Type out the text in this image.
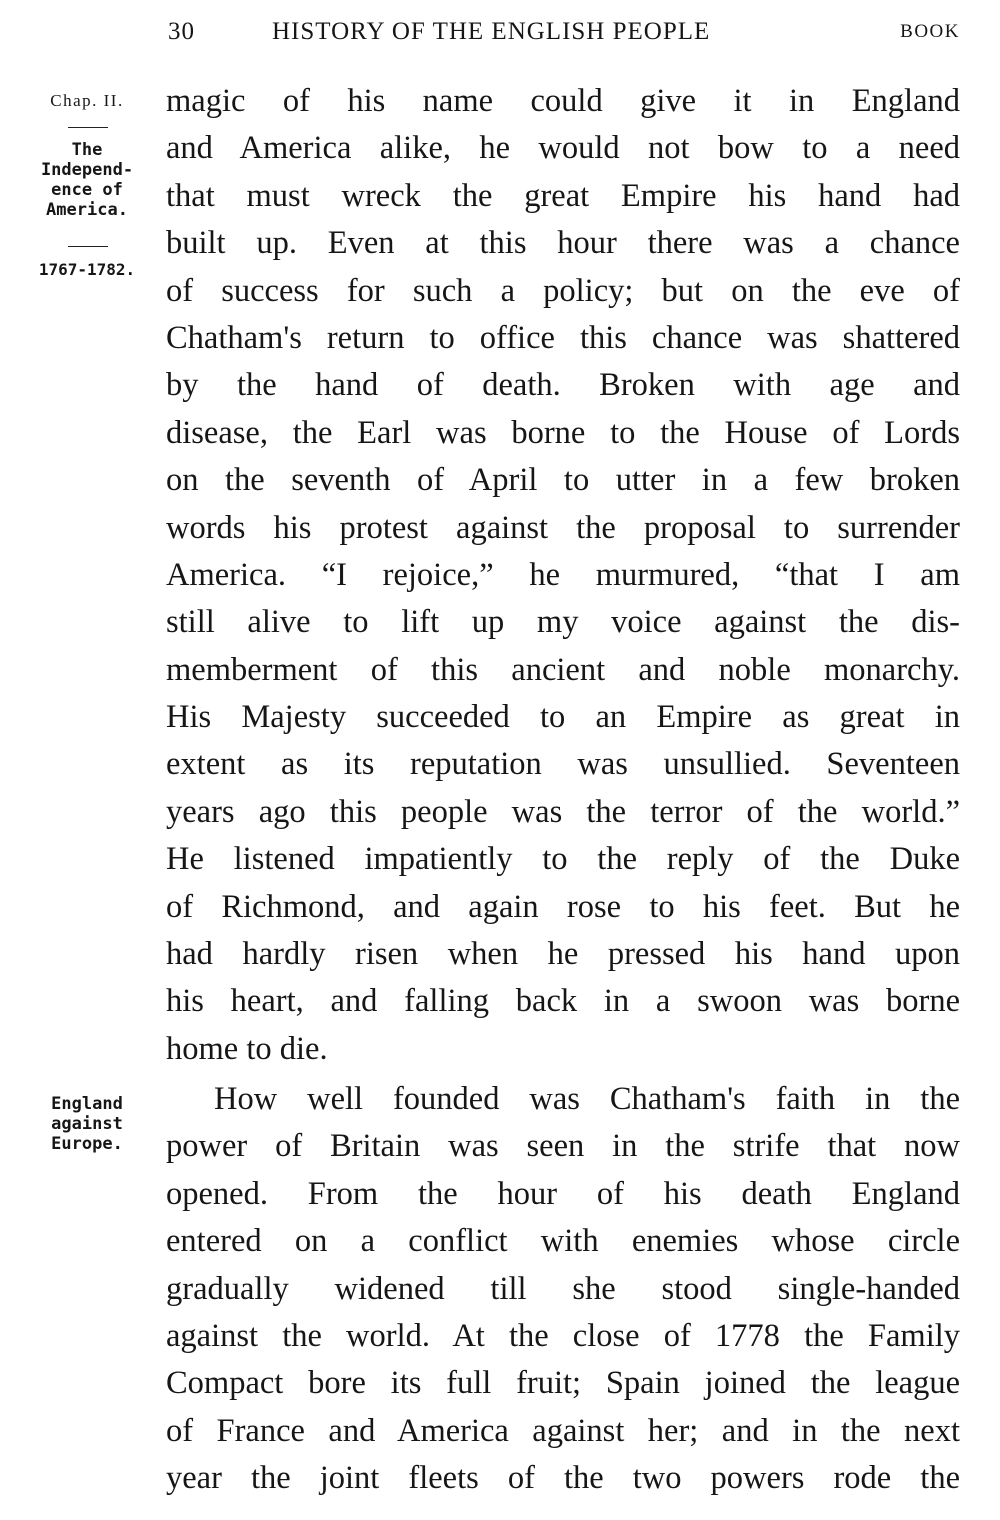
30	HISTORY OF THE ENGLISH PEOPLE	BOOK
Chap. II.
The
Independ-
ence of
America.
1767-1782.
England
against
Europe.
magic of his name could give it in England
and America alike, he would not bow to a need
that must wreck the great Empire his hand had
built up. Even at this hour there was a chance
of success for such a policy; but on the eve of
Chatham's return to office this chance was shattered
by the hand of death. Broken with age and
disease, the Earl was borne to the House of Lords
on the seventh of April to utter in a few broken
words his protest against the proposal to surrender
America. “I rejoice,” he murmured, “that I am
still alive to lift up my voice against the dis-
memberment of this ancient and noble monarchy.
His Majesty succeeded to an Empire as great in
extent as its reputation was unsullied. Seventeen
years ago this people was the terror of the world.”
He listened impatiently to the reply of the Duke
of Richmond, and again rose to his feet. But he
had hardly risen when he pressed his hand upon
his heart, and falling back in a swoon was borne
home to die.
How well founded was Chatham's faith in the
power of Britain was seen in the strife that now
opened. From the hour of his death England
entered on a conflict with enemies whose circle
gradually widened till she stood single-handed
against the world. At the close of 1778 the Family
Compact bore its full fruit; Spain joined the league
of France and America against her; and in the next
year the joint fleets of the two powers rode the
